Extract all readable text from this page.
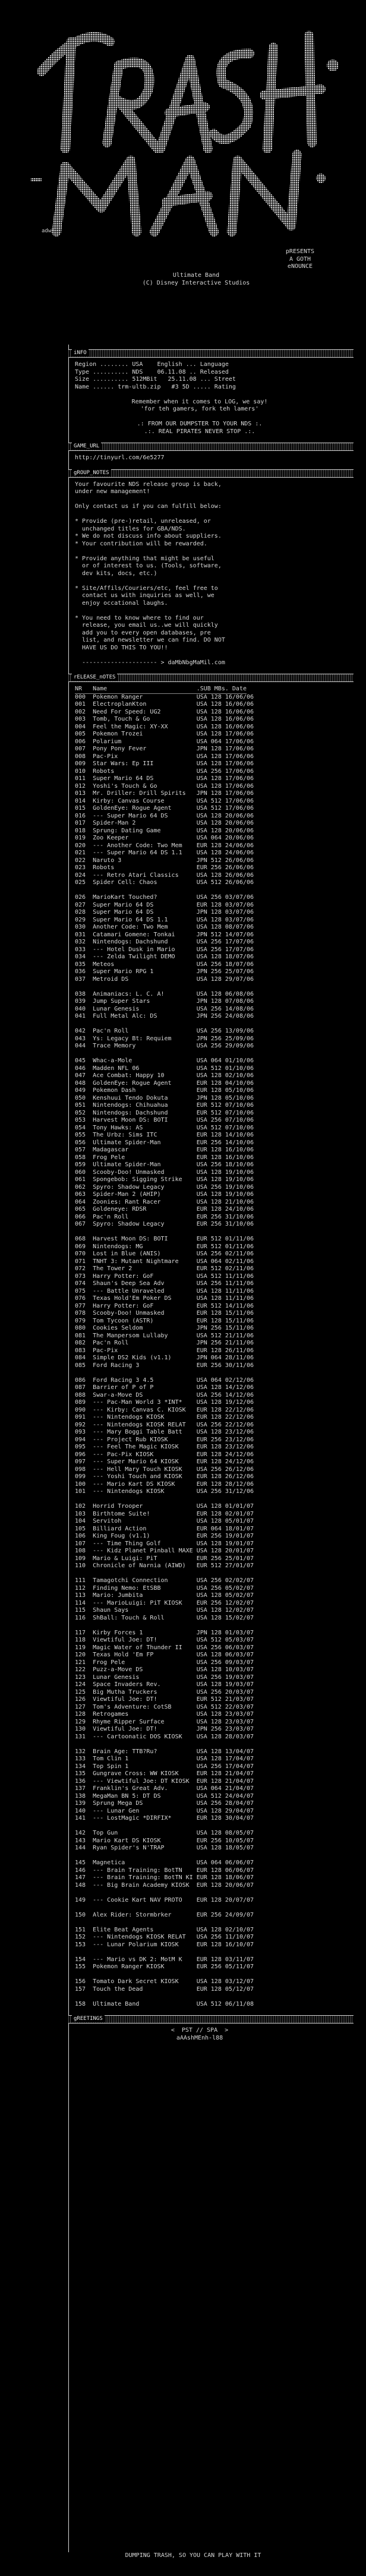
adw!
pRESENTS
A GOTH
eNOUNCE
Ultimate Band
(C) Disney Interactive Studios
iNFO
Region ........ USA    English ... Language
Type .......... NDS    06.11.08 .. Released
Size .......... 512MBit   25.11.08 ... Street
Name ...... trm-ultb.zip   #3 5D ..... Rating

Remember when it comes to LOG, we say!
'for teh gamers, fork teh lamers'

.: FROM OUR DUMPSTER TO YOUR NDS :.
.:. REAL PIRATES NEVER STOP .:.
GAME_URL
http://tinyurl.com/6e5277
gROUP_NOTES
Your favourite NDS release group is back,
under new management!

Only contact us if you can fulfill below:

* Provide (pre-)retail, unreleased, or
unchanged titles for GBA/NDS.
* We do not discuss info about suppliers.
* Your contribution will be rewarded.

* Provide anything that might be useful
or of interest to us. (Tools, software,
dev kits, docs, etc.)

* Site/Affils/Couriers/etc, feel free to
contact us with inquiries as well, we
enjoy occational laughs.

* You need to know where to find our
release, you email us..we will quickly
add you to every open databases, pre
list, and newsletter we can find. DO NOT
HAVE US DO THIS TO YOU!!

--------------------- > daMbNbgMaMil.com
rELEASE_nOTES
NR   Name                         .SUB MBs. Date
000  Pokemon Ranger               USA 128 16/06/06
001  ElectroplanKton              USA 128 16/06/06
002  Need For Speed: UG2          USA 128 16/06/06
003  Tomb, Touch & Go             USA 128 16/06/06
004  Feel the Magic: XY-XX        USA 128 16/06/06
005  Pokemon Trozei               USA 128 17/06/06
006  Polarium                     USA 064 17/06/06
007  Pony Pony Fever              JPN 128 17/06/06
008  Pac-Pix                      USA 128 17/06/06
009  Star Wars: Ep III            USA 128 17/06/06
010  Robots                       USA 256 17/06/06
011  Super Mario 64 DS            USA 128 17/06/06
012  Yoshi's Touch & Go           USA 128 17/06/06
013  Mr. Driller: Drill Spirits   JPN 128 17/06/06
014  Kirby: Canvas Course         USA 512 17/06/06
015  GoldenEye: Rogue Agent       USA 512 17/06/06
016  --- Super Mario 64 DS        USA 128 20/06/06
017  Spider-Man 2                 USA 128 20/06/06
018  Sprung: Dating Game          USA 128 20/06/06
019  Zoo Keeper                   USA 064 20/06/06
020  --- Another Code: Two Mem    EUR 128 24/06/06
021  --- Super Mario 64 DS 1.1    USA 128 24/06/06
022  Naruto 3                     JPN 512 26/06/06
023  Robots                       EUR 256 26/06/06
024  --- Retro Atari Classics     USA 128 26/06/06
025  Spider Cell: Chaos           USA 512 26/06/06

026  MarioKart Touched?           USA 256 03/07/06
027  Super Mario 64 DS            EUR 128 03/07/06
028  Super Mario 64 DS            JPN 128 03/07/06
029  Super Mario 64 DS 1.1        USA 128 03/07/06
030  Another Code: Two Mem        USA 128 08/07/06
031  Catamari Gomene: Tonkai      JPN 512 14/07/06
032  Nintendogs: Dachshund        USA 256 17/07/06
033  --- Hotel Dusk in Mario      USA 256 17/07/06
034  --- Zelda Twilight DEMO      USA 128 18/07/06
035  Meteos                       USA 256 18/07/06
036  Super Mario RPG 1            JPN 256 25/07/06
037  Metroid DS                   USA 128 29/07/06

038  Animaniacs: L. C. A!         USA 128 06/08/06
039  Jump Super Stars             JPN 128 07/08/06
040  Lunar Genesis                USA 256 14/08/06
041  Full Metal Alc: DS           JPN 256 24/08/06

042  Pac'n Roll                   USA 256 13/09/06
043  Ys: Legacy Bt: Requiem       JPN 256 25/09/06
044  Trace Memory                 USA 256 29/09/06

045  Whac-a-Mole                  USA 064 01/10/06
046  Madden NFL 06                USA 512 01/10/06
047  Ace Combat: Happy 10         USA 128 02/10/06
048  GoldenEye: Rogue Agent       EUR 128 04/10/06
049  Pokemon Dash                 EUR 128 05/10/06
050  Kenshuui Tendo Dokuta        JPN 128 05/10/06
051  Nintendogs: Chihuahua        EUR 512 07/10/06
052  Nintendogs: Dachshund        EUR 512 07/10/06
053  Harvest Moon DS: BOTI        USA 256 07/10/06
054  Tony Hawks: AS               USA 512 07/10/06
055  The Urbz: Sims ITC           EUR 128 14/10/06
056  Ultimate Spider-Man          EUR 256 14/10/06
057  Madagascar                   EUR 128 16/10/06
058  Frog Pele                    EUR 128 16/10/06
059  Ultimate Spider-Man          USA 256 18/10/06
060  Scooby-Doo! Unmasked         USA 128 19/10/06
061  Spongebob: Sigging Strike    USA 128 19/10/06
062  Spyro: Shadow Legacy         USA 256 19/10/06
063  Spider-Man 2 (AHIP)          USA 128 19/10/06
064  Zoonies: Rant Racer          USA 128 21/10/06
065  Goldeneye: RDSR              EUR 128 24/10/06
066  Pac'n Roll                   EUR 256 31/10/06
067  Spyro: Shadow Legacy         EUR 256 31/10/06

068  Harvest Moon DS: BOTI        EUR 512 01/11/06
069  Nintendogs: MG               EUR 512 01/11/06
070  Lost in Blue (ANIS)          USA 256 02/11/06
071  TNHT 3: Mutant Nightmare     USA 064 02/11/06
072  The Tower 2                  EUR 512 02/11/06
073  Harry Potter: GoF            USA 512 11/11/06
074  Shaun's Deep Sea Adv         USA 256 11/11/06
075  --- Battle Unraveled         USA 128 11/11/06
076  Texas Hold'Em Poker DS       USA 128 11/11/06
077  Harry Potter: GoF            EUR 512 14/11/06
078  Scooby-Doo! Unmasked         EUR 128 15/11/06
079  Tom Tycoon (ASTR)            EUR 128 15/11/06
080  Cookies Seldom               JPN 256 15/11/06
081  The Manpersom Lullaby        USA 512 21/11/06
082  Pac'n Roll                   JPN 256 21/11/06
083  Pac-Pix                      EUR 128 26/11/06
084  Simple DS2 Kids (v1.1)       JPN 064 28/11/06
085  Ford Racing 3                EUR 256 30/11/06

086  Ford Racing 3 4.5            USA 064 02/12/06
087  Barrier of P of P            USA 128 14/12/06
088  Swar-a-Move DS               USA 256 14/12/06
089  --- Pac-Man World 3 *INT*    USA 128 19/12/06
090  --- Kirby: Canvas C. KIOSK   EUR 128 22/12/06
091  --- Nintendogs KIOSK         EUR 128 22/12/06
092  --- Nintendogs KIOSK RELAT   USA 256 22/12/06
093  --- Mary Boggi Table Batt    USA 128 23/12/06
094  --- Project Rub KIOSK        EUR 256 23/12/06
095  --- Feel The Magic KIOSK     EUR 128 23/12/06
096  --- Pac-Pix KIOSK            EUR 128 24/12/06
097  --- Super Mario 64 KIOSK     EUR 128 24/12/06
098  --- Hell Mary Touch KIOSK    USA 256 26/12/06
099  --- Yoshi Touch and KIOSK    EUR 128 26/12/06
100  --- Mario Kart DS KIOSK      EUR 128 28/12/06
101  --- Nintendogs KIOSK         USA 256 31/12/06

102  Horrid Trooper               USA 128 01/01/07
103  Birthtome Suite!             EUR 128 02/01/07
104  Servitoh                     USA 128 05/01/07
105  Billiard Action              EUR 064 18/01/07
106  King Foug (v1.1)             EUR 256 19/01/07
107  --- Time Thing Golf          USA 128 19/01/07
108  --- Kidz Planet Pinball MAXE USA 128 20/01/07
109  Mario & Luigi: PiT           EUR 256 25/01/07
110  Chronicle of Narnia (AIWD)   EUR 512 27/01/07

111  Tamagotchi Connection        USA 256 02/02/07
112  Finding Nemo: EtSBB          USA 256 05/02/07
113  Mario: Jumbita               USA 128 05/02/07
114  --- MarioLuigi: PiT KIOSK    EUR 256 12/02/07
115  Shaun Says                   USA 128 12/02/07
116  ShBall: Touch & Roll         USA 128 15/02/07

117  Kirby Forces 1               JPN 128 01/03/07
118  Viewtiful Joe: DT!           USA 512 05/03/07
119  Magic Water of Thunder II    USA 256 06/03/07
120  Texas Hold 'Em FP            USA 128 06/03/07
121  Frog Pele                    USA 256 09/03/07
122  Puzz-a-Move DS               USA 128 10/03/07
123  Lunar Genesis                USA 256 19/03/07
124  Space Invaders Rev.          USA 128 19/03/07
125  Big Mutha Truckers           USA 256 20/03/07
126  Viewtiful Joe: DT!           EUR 512 21/03/07
127  Tom's Adventure: CotSB       USA 512 22/03/07
128  Retrogames                   USA 128 23/03/07
129  Rhyme Ripper Surface         USA 128 23/03/07
130  Viewtiful Joe: DT!           JPN 256 23/03/07
131  --- Cartoonatic DOS KIOSK    USA 128 28/03/07

132  Brain Age: TTB?Ru?           USA 128 13/04/07
133  Tom Clin 1                   USA 128 17/04/07
134  Top Spin 1                   USA 256 17/04/07
135  Gungrave Cross: WW KIOSK     EUR 128 21/04/07
136  --- Viewtiful Joe: DT KIOSK  EUR 128 21/04/07
137  Franklin's Great Adv.        USA 064 21/04/07
138  MegaMan BN 5: DT DS          USA 512 24/04/07
139  Sprung Mega DS               USA 256 28/04/07
140  --- Lunar Gen                USA 128 29/04/07
141  --- LostMagic *DIRFIX*       EUR 128 30/04/07

142  Top Gun                      USA 128 08/05/07
143  Mario Kart DS KIOSK          EUR 256 10/05/07
144  Ryan Spider's N'TRAP         USA 128 18/05/07

145  Magnetica                    USA 064 06/06/07
146  --- Brain Training: BotTN    EUR 128 06/06/07
147  --- Brain Training: BotTN KI EUR 128 18/06/07
148  --- Big Brain Academy KIOSK  EUR 128 20/06/07

149  --- Cookie Kart NAV PROTO    EUR 128 20/07/07

150  Alex Rider: Stormbrker       EUR 256 24/09/07

151  Elite Beat Agents            USA 128 02/10/07
152  --- Nintendogs KIOSK RELAT   USA 256 11/10/07
153  --- Lunar Polarium KIOSK     EUR 128 16/10/07

154  --- Mario vs DK 2: MotM K    EUR 128 03/11/07
155  Pokemon Ranger KIOSK         EUR 256 05/11/07

156  Tomato Dark Secret KIOSK     USA 128 03/12/07
157  Touch the Dead               EUR 128 05/12/07

158  Ultimate Band                USA 512 06/11/08
gREETINGS
<  PST // SPA  >
aAAshMEnh-l88
DUMPING TRASH, SO YOU CAN PLAY WITH IT
